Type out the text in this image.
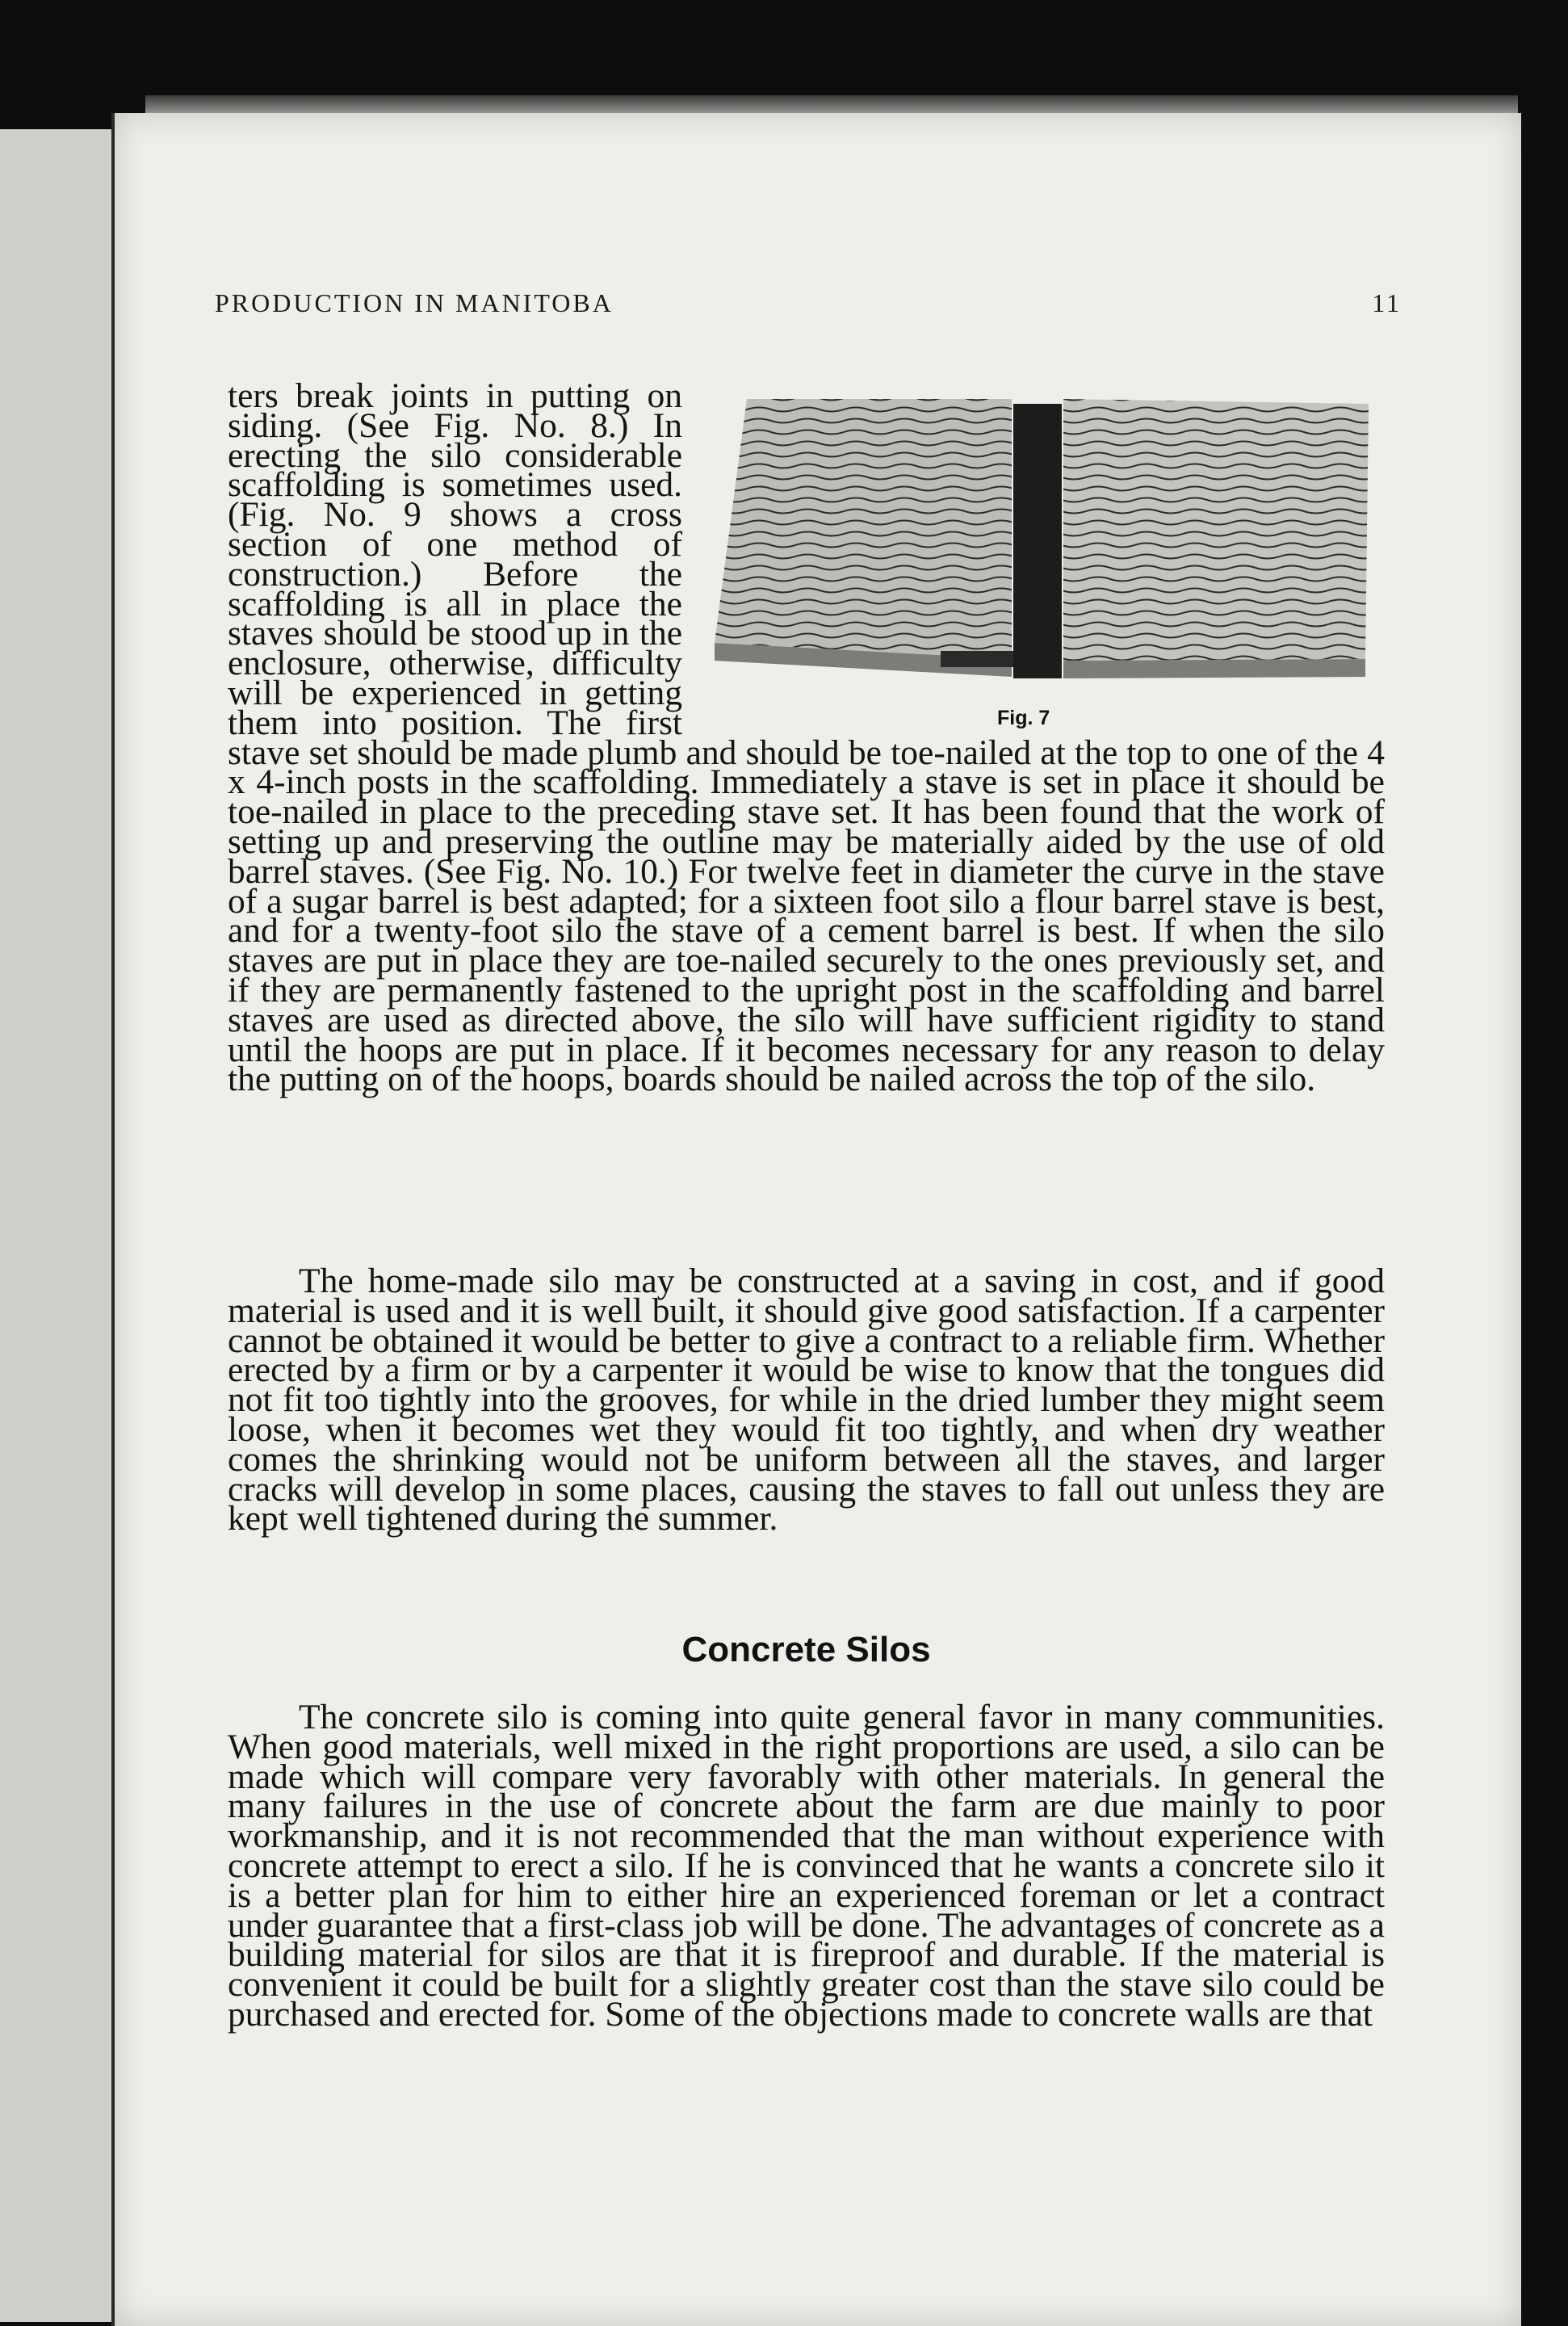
PRODUCTION IN MANITOBA	11
Fig. 7

ters break joints in putting on siding. (See Fig. No. 8.) In erecting the silo considerable scaffolding is sometimes used. (Fig. No. 9 shows a cross section of one method of construction.) Before the scaffolding is all in place the staves should be stood up in the enclosure, otherwise, difficulty will be experienced in getting them into position. The first stave set should be made plumb and should be toe-nailed at the top to one of the 4 x 4-inch posts in the scaffolding. Immediately a stave is set in place it should be toe-nailed in place to the preceding stave set. It has been found that the work of setting up and preserving the outline may be materially aided by the use of old barrel staves. (See Fig. No. 10.) For twelve feet in diameter the curve in the stave of a sugar barrel is best adapted; for a sixteen foot silo a flour barrel stave is best, and for a twenty-foot silo the stave of a cement barrel is best. If when the silo staves are put in place they are toe-nailed securely to the ones previously set, and if they are permanently fastened to the upright post in the scaffolding and barrel staves are used as directed above, the silo will have sufficient rigidity to stand until the hoops are put in place. If it becomes necessary for any reason to delay the putting on of the hoops, boards should be nailed across the top of the silo.

The home-made silo may be constructed at a saving in cost, and if good material is used and it is well built, it should give good satisfaction. If a carpenter cannot be obtained it would be better to give a contract to a reliable firm. Whether erected by a firm or by a carpenter it would be wise to know that the tongues did not fit too tightly into the grooves, for while in the dried lumber they might seem loose, when it becomes wet they would fit too tightly, and when dry weather comes the shrinking would not be uniform between all the staves, and larger cracks will develop in some places, causing the staves to fall out unless they are kept well tightened during the summer.

Concrete Silos

The concrete silo is coming into quite general favor in many communities. When good materials, well mixed in the right proportions are used, a silo can be made which will compare very favorably with other materials. In general the many failures in the use of concrete about the farm are due mainly to poor workmanship, and it is not recommended that the man without experience with concrete attempt to erect a silo. If he is convinced that he wants a concrete silo it is a better plan for him to either hire an experienced foreman or let a contract under guarantee that a first-class job will be done. The advantages of concrete as a building material for silos are that it is fireproof and durable. If the material is convenient it could be built for a slightly greater cost than the stave silo could be purchased and erected for. Some of the objections made to concrete walls are that
